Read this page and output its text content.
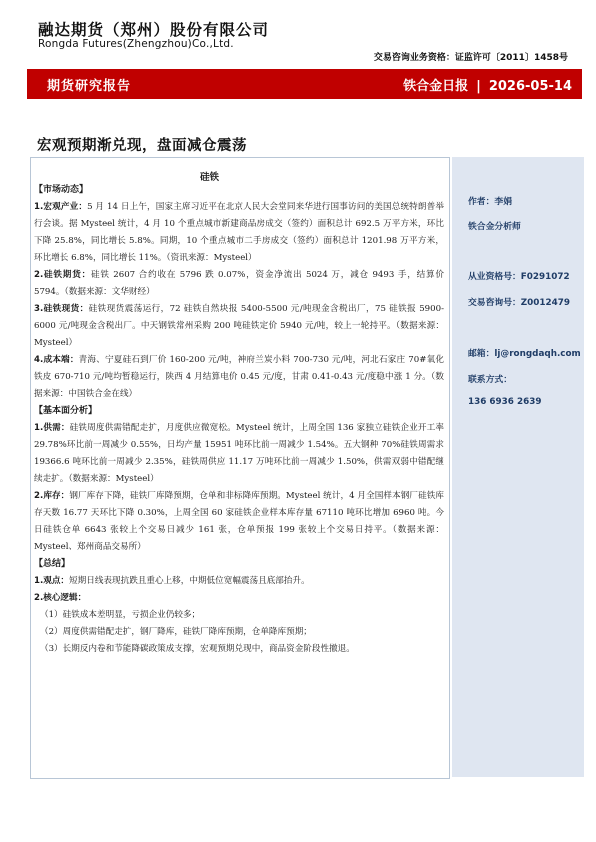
融达期货（郑州）股份有限公司
Rongda Futures(Zhengzhou)Co.,Ltd.
交易咨询业务资格：证监许可〔2011〕1458号
期货研究报告	铁合金日报 | 2026-05-14
宏观预期渐兑现，盘面减仓震荡
硅铁
【市场动态】

1.宏观产业：5 月 14 日上午，国家主席习近平在北京人民大会堂同来华进行国事访问的美国总统特朗普举行会谈。据 Mysteel 统计，4 月 10 个重点城市新建商品房成交（签约）面积总计 692.5 万平方米，环比下降 25.8%，同比增长 5.8%。同期，10 个重点城市二手房成交（签约）面积总计 1201.98 万平方米，环比增长 6.8%，同比增长 11%。（资讯来源：Mysteel）

2.硅铁期货：硅铁 2607 合约收在 5796 跌 0.07%，资金净流出 5024 万，减仓 9493 手，结算价 5794。（数据来源：文华财经）

3.硅铁现货：硅铁现货震荡运行，72 硅铁自然块报 5400-5500 元/吨现金含税出厂，75 硅铁报 5900-6000 元/吨现金含税出厂。中天钢铁常州采购 200 吨硅铁定价 5940 元/吨，较上一轮持平。（数据来源：Mysteel）

4.成本端：青海、宁夏硅石到厂价 160-200 元/吨，神府兰炭小料 700-730 元/吨，河北石家庄 70#氧化铁皮 670-710 元/吨均暂稳运行，陕西 4 月结算电价 0.45 元/度，甘肃 0.41-0.43 元/度稳中涨 1 分。（数据来源：中国铁合金在线）

【基本面分析】

1.供需：硅铁周度供需错配走扩，月度供应微宽松。Mysteel 统计，上周全国 136 家独立硅铁企业开工率 29.78%环比前一周减少 0.55%，日均产量 15951 吨环比前一周减少 1.54%。五大钢种 70%硅铁周需求 19366.6 吨环比前一周减少 2.35%，硅铁周供应 11.17 万吨环比前一周减少 1.50%，供需双弱中错配继续走扩。（数据来源：Mysteel）

2.库存：钢厂库存下降，硅铁厂库降预期，仓单和非标降库预期。Mysteel 统计，4 月全国样本钢厂硅铁库存天数 16.77 天环比下降 0.30%，上周全国 60 家硅铁企业样本库存量 67110 吨环比增加 6960 吨。今日硅铁仓单 6643 张较上个交易日减少 161 张，仓单预报 199 张较上个交易日持平。（数据来源：Mysteel、郑州商品交易所）

【总结】

1.观点：短期日线表现抗跌且重心上移，中期低位宽幅震荡且底部抬升。

2.核心逻辑：

（1）硅铁成本差明显，亏损企业仍较多；

（2）周度供需错配走扩，钢厂降库，硅铁厂降库预期，仓单降库预期；

（3）长期反内卷和节能降碳政策成支撑，宏观预期兑现中，商品资金阶段性撤退。

作者：李娟
铁合金分析师
从业资格号：F0291072
交易咨询号：Z0012479
邮箱：lj@rongdaqh.com
联系方式：
136 6936 2639
